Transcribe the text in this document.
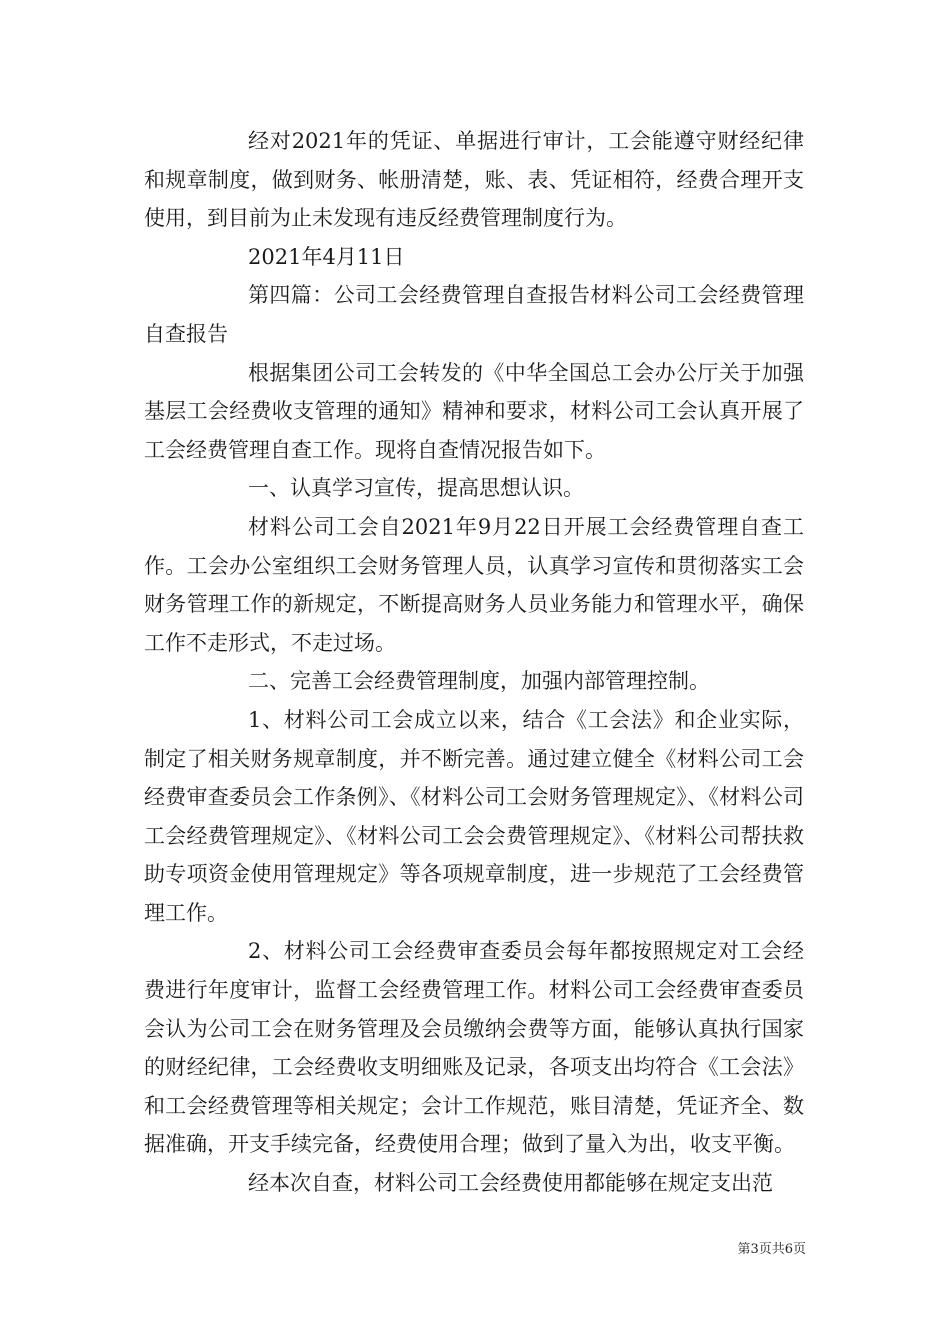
经对2021年的凭证、单据进行审计，工会能遵守财经纪律和规章制度，做到财务、帐册清楚，账、表、凭证相符，经费合理开支使用，到目前为止未发现有违反经费管理制度行为。

2021年4月11日

第四篇：公司工会经费管理自查报告材料公司工会经费管理自查报告

根据集团公司工会转发的《中华全国总工会办公厅关于加强基层工会经费收支管理的通知》精神和要求，材料公司工会认真开展了工会经费管理自查工作。现将自查情况报告如下。

一、认真学习宣传，提高思想认识。

材料公司工会自2021年9月22日开展工会经费管理自查工作。工会办公室组织工会财务管理人员，认真学习宣传和贯彻落实工会财务管理工作的新规定，不断提高财务人员业务能力和管理水平，确保工作不走形式，不走过场。

二、完善工会经费管理制度，加强内部管理控制。

1、材料公司工会成立以来，结合《工会法》和企业实际，制定了相关财务规章制度，并不断完善。通过建立健全《材料公司工会经费审查委员会工作条例》、《材料公司工会财务管理规定》、《材料公司工会经费管理规定》、《材料公司工会会费管理规定》、《材料公司帮扶救助专项资金使用管理规定》等各项规章制度，进一步规范了工会经费管理工作。

2、材料公司工会经费审查委员会每年都按照规定对工会经费进行年度审计，监督工会经费管理工作。材料公司工会经费审查委员会认为公司工会在财务管理及会员缴纳会费等方面，能够认真执行国家的财经纪律，工会经费收支明细账及记录，各项支出均符合《工会法》和工会经费管理等相关规定；会计工作规范，账目清楚，凭证齐全、数据准确，开支手续完备，经费使用合理；做到了量入为出，收支平衡。

经本次自查，材料公司工会经费使用都能够在规定支出范

第3页共6页
